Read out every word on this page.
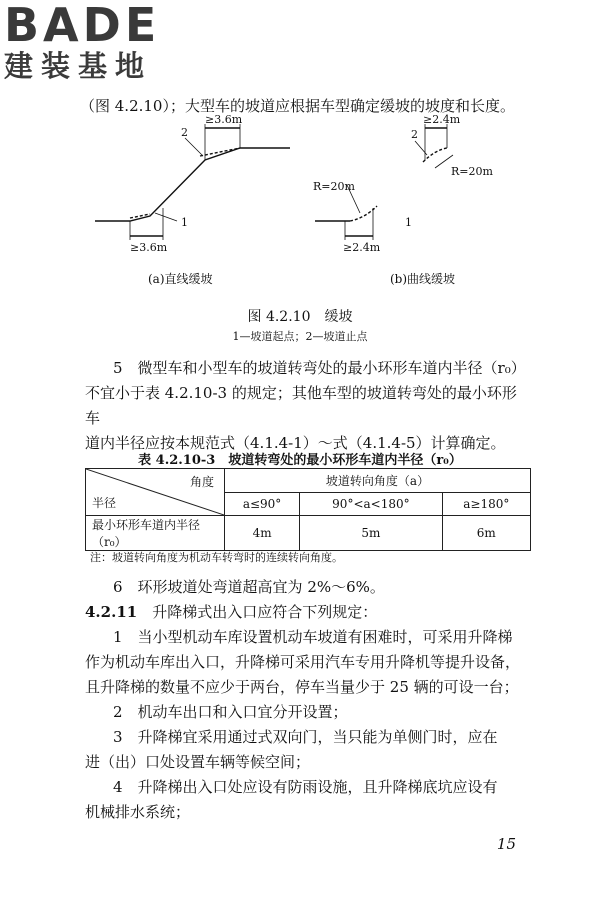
BADE
建装基地
（图 4.2.10）；大型车的坡道应根据车型确定缓坡的坡度和长度。
≥3.6m
≥3.6m
2
1
≥2.4m
≥2.4m
2
1
R=20m
R=20m
(a)直线缓坡	(b)曲线缓坡
图 4.2.10　缓坡
1—坡道起点；2—坡道止点
5　微型车和小型车的坡道转弯处的最小环形车道内半径（r₀）
不宜小于表 4.2.10-3 的规定；其他车型的坡道转弯处的最小环形车
道内半径应按本规范式（4.1.4-1）～式（4.1.4-5）计算确定。
表 4.2.10-3　坡道转弯处的最小环形车道内半径（r₀）
角度
半径	坡道转向角度（a）		
	a≤90°	90°<a<180°	a≥180°
最小环形车道内半径（r₀）	4m	5m	6m
注：坡道转向角度为机动车转弯时的连续转向角度。
6　环形坡道处弯道超高宜为 2%～6%。
4.2.11　 升降梯式出入口应符合下列规定：
1　当小型机动车库设置机动车坡道有困难时，可采用升降梯
作为机动车库出入口，升降梯可采用汽车专用升降机等提升设备，
且升降梯的数量不应少于两台，停车当量少于 25 辆的可设一台；
2　机动车出口和入口宜分开设置；
3　升降梯宜采用通过式双向门，当只能为单侧门时，应在
进（出）口处设置车辆等候空间；
4　升降梯出入口处应设有防雨设施，且升降梯底坑应设有
机械排水系统；
15
